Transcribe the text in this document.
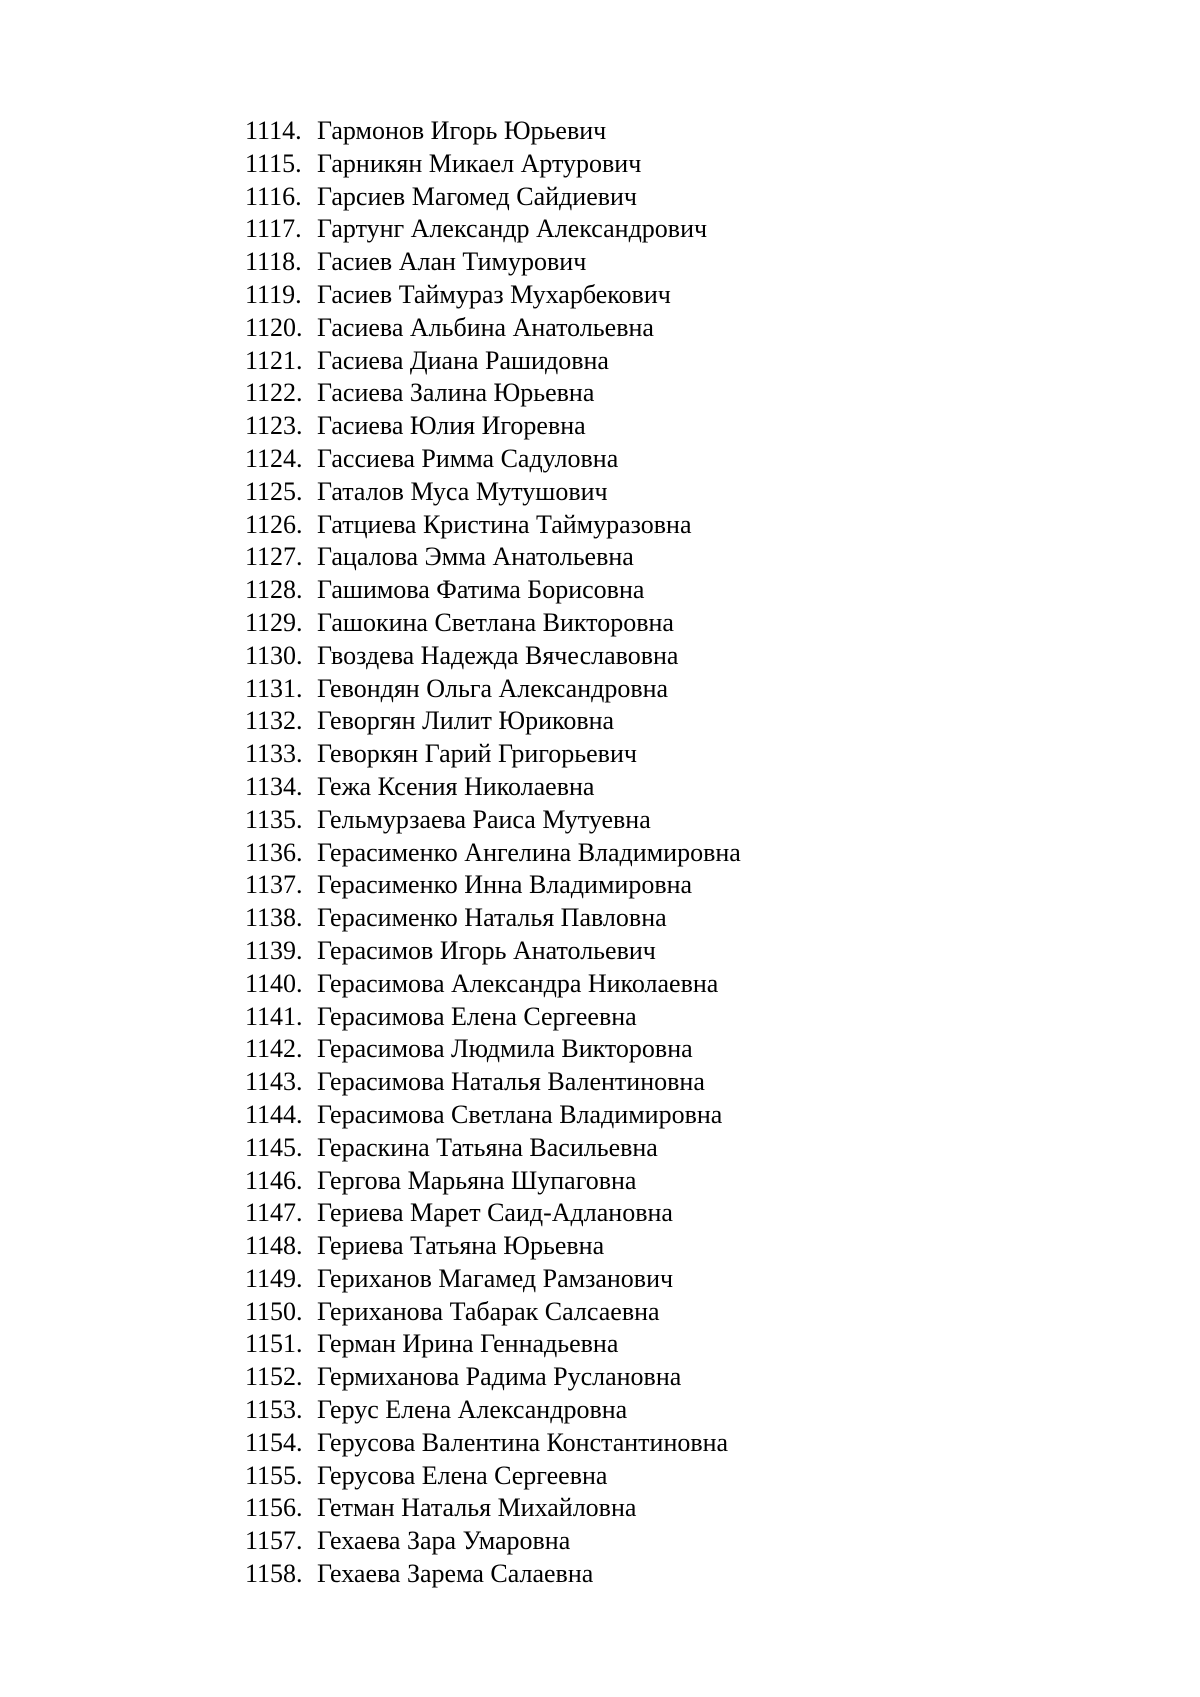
1114. Гармонов Игорь Юрьевич
1115. Гарникян Микаел Артурович
1116. Гарсиев Магомед Сайдиевич
1117. Гартунг Александр Александрович
1118. Гасиев Алан Тимурович
1119. Гасиев Таймураз Мухарбекович
1120. Гасиева Альбина Анатольевна
1121. Гасиева Диана Рашидовна
1122. Гасиева Залина Юрьевна
1123. Гасиева Юлия Игоревна
1124. Гассиева Римма Садуловна
1125. Гаталов Муса Мутушович
1126. Гатциева Кристина Таймуразовна
1127. Гацалова Эмма Анатольевна
1128. Гашимова Фатима Борисовна
1129. Гашокина Светлана Викторовна
1130. Гвоздева Надежда Вячеславовна
1131. Гевондян Ольга Александровна
1132. Геворгян Лилит Юриковна
1133. Геворкян Гарий Григорьевич
1134. Гежа Ксения Николаевна
1135. Гельмурзаева Раиса Мутуевна
1136. Герасименко Ангелина Владимировна
1137. Герасименко Инна Владимировна
1138. Герасименко Наталья Павловна
1139. Герасимов Игорь Анатольевич
1140. Герасимова Александра Николаевна
1141. Герасимова Елена Сергеевна
1142. Герасимова Людмила Викторовна
1143. Герасимова Наталья Валентиновна
1144. Герасимова Светлана Владимировна
1145. Гераскина Татьяна Васильевна
1146. Гергова Марьяна Шупаговна
1147. Гериева Марет Саид-Адлановна
1148. Гериева Татьяна Юрьевна
1149. Гериханов Магамед Рамзанович
1150. Гериханова Табарак Салсаевна
1151. Герман Ирина Геннадьевна
1152. Гермиханова Радима Руслановна
1153. Герус Елена Александровна
1154. Герусова Валентина Константиновна
1155. Герусова Елена Сергеевна
1156. Гетман Наталья Михайловна
1157. Гехаева Зара Умаровна
1158. Гехаева Зарема Салаевна
